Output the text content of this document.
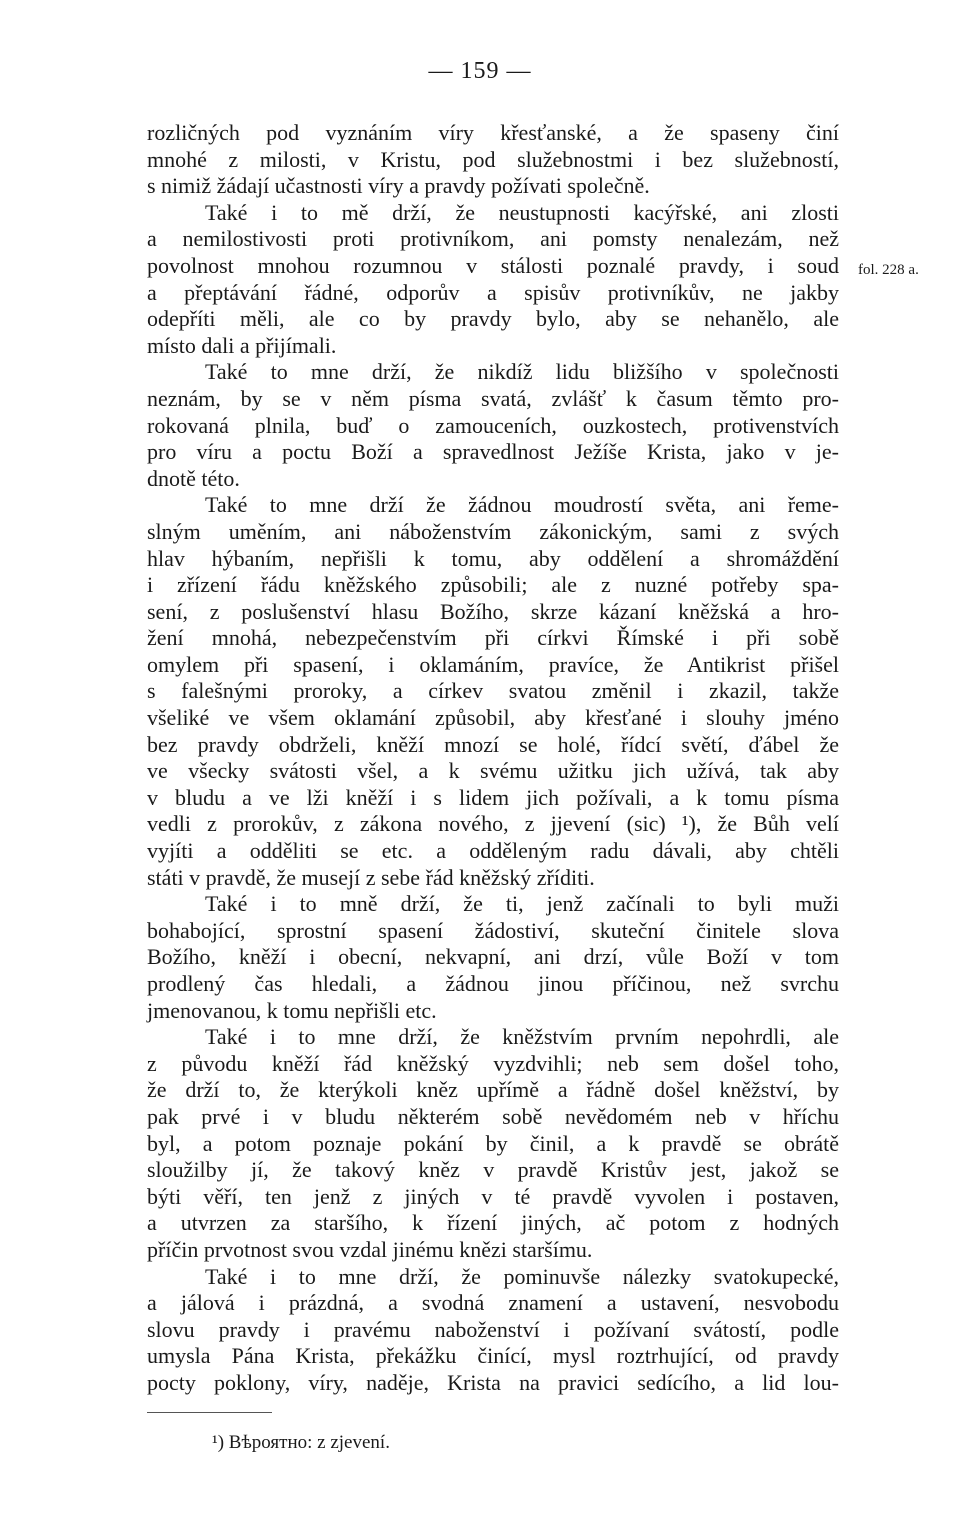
— 159 —
rozličných pod vyznáním víry křesťanské, a že spaseny činí
mnohé z milosti, v Kristu, pod služebnostmi i bez služebností,
s nimiž žádají učastnosti víry a pravdy požívati společně.
Také i to mě drží, že neustupnosti kacýřské, ani zlosti
a nemilostivosti proti protivníkom, ani pomsty nenalezám, než
povolnost mnohou rozumnou v stálosti poznalé pravdy, i soud
a přeptávání řádné, odporův a spisův protivníkův, ne jakby
odepříti měli, ale co by pravdy bylo, aby se nehanělo, ale
místo dali a přijímali.
Také to mne drží, že nikdíž lidu bližšího v společnosti
neznám, by se v něm písma svatá, zvlášť k časum těmto pro-
rokovaná plnila, buď o zamouceních, ouzkostech, protivenstvích
pro víru a poctu Boží a spravedlnost Ježíše Krista, jako v je-
dnotě této.
Také to mne drží že žádnou moudrostí světa, ani řeme-
slným uměním, ani náboženstvím zákonickým, sami z svých
hlav hýbaním, nepřišli k tomu, aby oddělení a shromáždění
i zřízení řádu kněžského způsobili; ale z nuzné potřeby spa-
sení, z poslušenství hlasu Božího, skrze kázaní kněžská a hro-
žení mnohá, nebezpečenstvím při církvi Římské i při sobě
omylem při spasení, i oklamáním, pravíce, že Antikrist přišel
s falešnými proroky, a církev svatou změnil i zkazil, takže
všeliké ve všem oklamání způsobil, aby křesťané i slouhy jméno
bez pravdy obdrželi, kněží mnozí se holé, řídcí světí, ďábel že
ve všecky svátosti všel, a k svému užitku jich užívá, tak aby
v bludu a ve lži kněží i s lidem jich požívali, a k tomu písma
vedli z prorokův, z zákona nového, z jjevení (sic) ¹), že Bůh velí
vyjíti a odděliti se etc. a odděleným radu dávali, aby chtěli
státi v pravdě, že musejí z sebe řád kněžský zříditi.
Také i to mně drží, že ti, jenž začínali to byli muži
bohabojící, sprostní spasení žádostiví, skuteční činitele slova
Božího, kněží i obecní, nekvapní, ani drzí, vůle Boží v tom
prodlený čas hledali, a žádnou jinou příčinou, než svrchu
jmenovanou, k tomu nepřišli etc.
Také i to mne drží, že kněžstvím prvním nepohrdli, ale
z původu kněží řád kněžský vyzdvihli; neb sem došel toho,
že drží to, že kterýkoli kněz upřímě a řádně došel kněžství, by
pak prvé i v bludu některém sobě nevědomém neb v hříchu
byl, a potom poznaje pokání by činil, a k pravdě se obrátě
sloužilby jí, že takový kněz v pravdě Kristův jest, jakož se
býti věří, ten jenž z jiných v té pravdě vyvolen i postaven,
a utvrzen za staršího, k řízení jiných, ač potom z hodných
příčin prvotnost svou vzdal jinému knězi staršímu.
Také i to mne drží, že pominuvše nálezky svatokupecké,
a jálová i prázdná, a svodná znamení a ustavení, nesvobodu
slovu pravdy i pravému naboženství i požívaní svátostí, podle
umysla Pána Krista, překážku činící, mysl roztrhující, od pravdy
pocty poklony, víry, naděje, Krista na pravici sedícího, a lid lou-
fol. 228 a.
¹) Вѣроятно: z zjevení.
